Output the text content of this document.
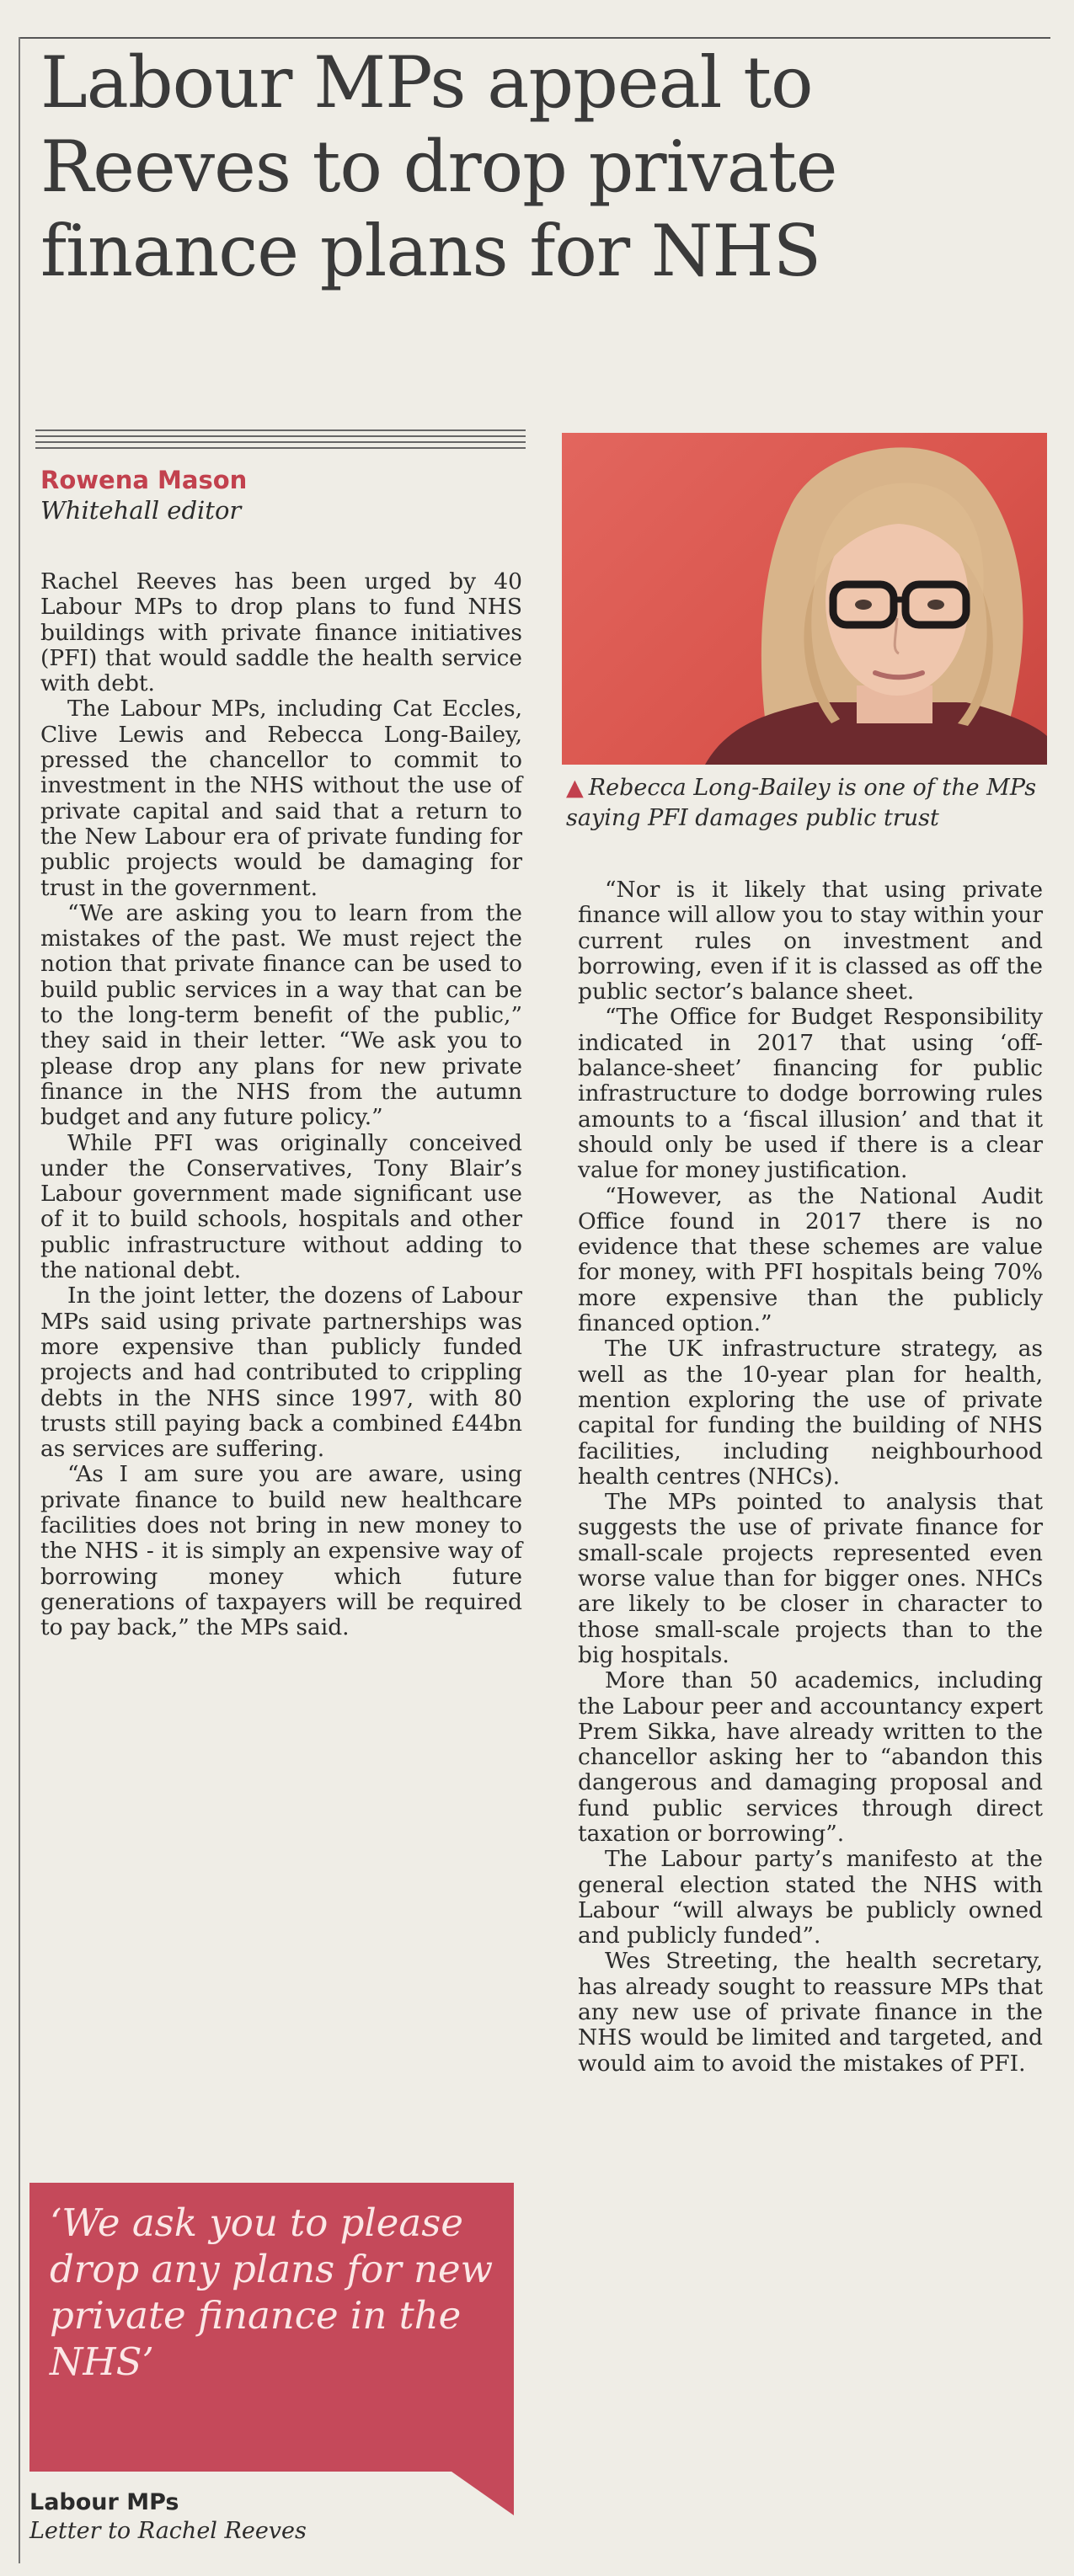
Labour MPs appeal to Reeves to drop private finance plans for NHS
Rowena Mason
Whitehall editor
▲ Rebecca Long-Bailey is one of the MPs saying PFI damages public trust

Rachel Reeves has been urged by 40 Labour MPs to drop plans to fund NHS buildings with private finance initiatives (PFI) that would saddle the health service with debt.

The Labour MPs, including Cat Eccles, Clive Lewis and Rebecca Long-Bailey, pressed the chancellor to commit to investment in the NHS without the use of private capital and said that a return to the New Labour era of private funding for public projects would be damaging for trust in the government.

“We are asking you to learn from the mistakes of the past. We must reject the notion that private finance can be used to build public services in a way that can be to the long-term benefit of the public,” they said in their letter. “We ask you to please drop any plans for new private finance in the NHS from the autumn budget and any future policy.”

While PFI was originally conceived under the Conservatives, Tony Blair’s Labour government made significant use of it to build schools, hospitals and other public infrastructure without adding to the national debt.

In the joint letter, the dozens of Labour MPs said using private partnerships was more expensive than publicly funded projects and had contributed to crippling debts in the NHS since 1997, with 80 trusts still paying back a combined £44bn as services are suffering.

“As I am sure you are aware, using private finance to build new healthcare facilities does not bring in new money to the NHS - it is simply an expensive way of borrowing money which future generations of taxpayers will be required to pay back,” the MPs said.

“Nor is it likely that using private finance will allow you to stay within your current rules on investment and borrowing, even if it is classed as off the public sector’s balance sheet.

“The Office for Budget Responsibility indicated in 2017 that using ‘off-balance-sheet’ financing for public infrastructure to dodge borrowing rules amounts to a ‘fiscal illusion’ and that it should only be used if there is a clear value for money justification.

“However, as the National Audit Office found in 2017 there is no evidence that these schemes are value for money, with PFI hospitals being 70% more expensive than the publicly financed option.”

The UK infrastructure strategy, as well as the 10-year plan for health, mention exploring the use of private capital for funding the building of NHS facilities, including neighbourhood health centres (NHCs).

The MPs pointed to analysis that suggests the use of private finance for small-scale projects represented even worse value than for bigger ones. NHCs are likely to be closer in character to those small-scale projects than to the big hospitals.

More than 50 academics, including the Labour peer and accountancy expert Prem Sikka, have already written to the chancellor asking her to “abandon this dangerous and damaging proposal and fund public services through direct taxation or borrowing”.

The Labour party’s manifesto at the general election stated the NHS with Labour “will always be publicly owned and publicly funded”.

Wes Streeting, the health secretary, has already sought to reassure MPs that any new use of private finance in the NHS would be limited and targeted, and would aim to avoid the mistakes of PFI.

‘We ask you to please drop any plans for new private finance in the NHS’
Labour MPs
Letter to Rachel Reeves
